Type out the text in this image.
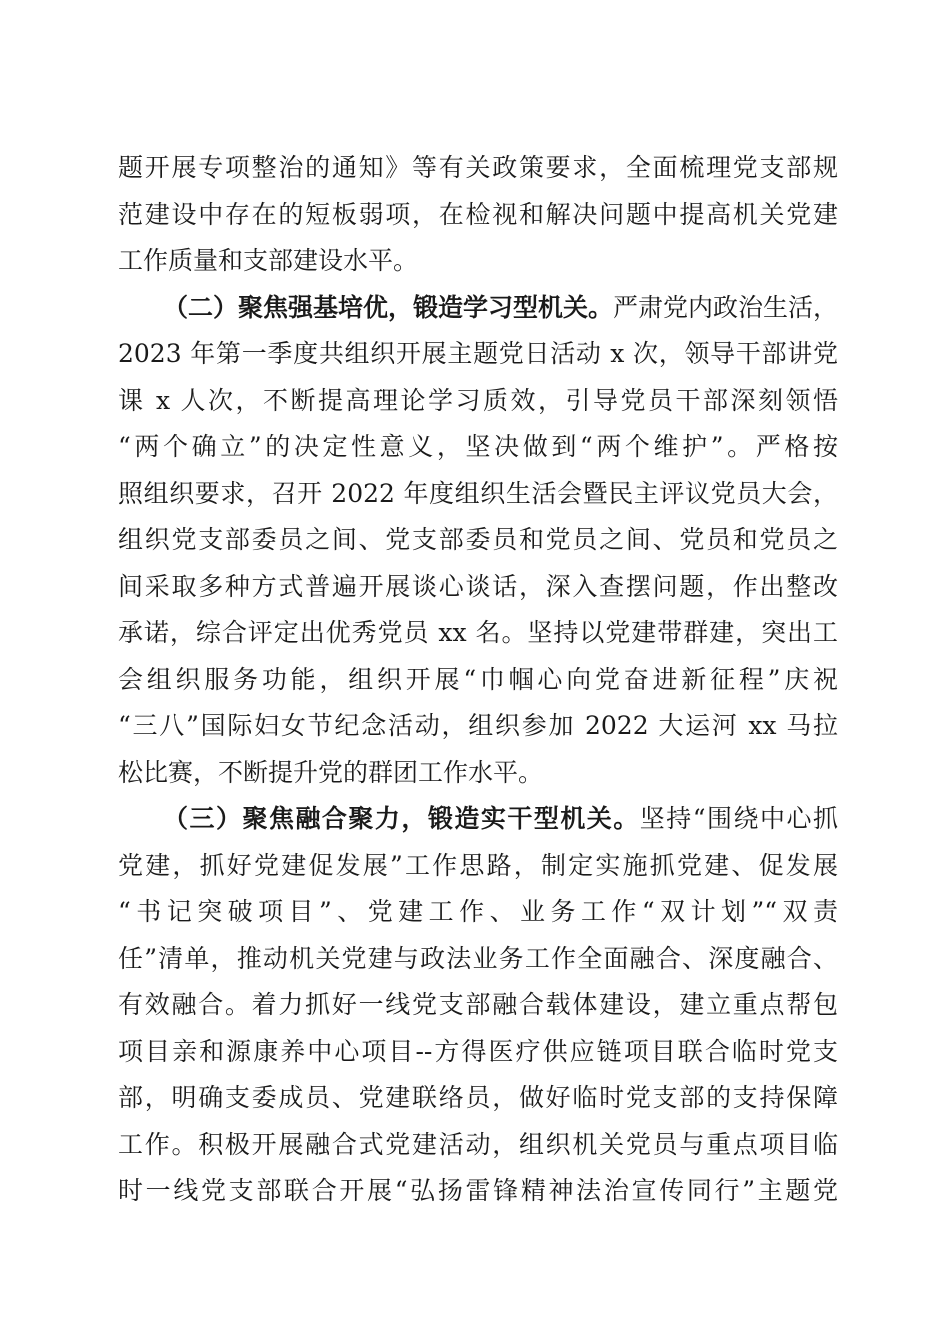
题开展专项整治的通知》等有关政策要求，全面梳理党支部规
范建设中存在的短板弱项，在检视和解决问题中提高机关党建
工作质量和支部建设水平。
（二）聚焦强基培优，锻造学习型机关。严肃党内政治生活，
2023 年第一季度共组织开展主题党日活动 x 次，领导干部讲党
课 x 人次，不断提高理论学习质效，引导党员干部深刻领悟
“两个确立”的决定性意义，坚决做到“两个维护”。严格按
照组织要求，召开 2022 年度组织生活会暨民主评议党员大会，
组织党支部委员之间、党支部委员和党员之间、党员和党员之
间采取多种方式普遍开展谈心谈话，深入查摆问题，作出整改
承诺，综合评定出优秀党员 xx 名。坚持以党建带群建，突出工
会组织服务功能，组织开展“巾帼心向党奋进新征程”庆祝
“三八”国际妇女节纪念活动，组织参加 2022 大运河 xx 马拉
松比赛，不断提升党的群团工作水平。
（三）聚焦融合聚力，锻造实干型机关。坚持“围绕中心抓
党建，抓好党建促发展”工作思路，制定实施抓党建、促发展
“书记突破项目”、党建工作、业务工作“双计划”“双责
任”清单，推动机关党建与政法业务工作全面融合、深度融合、
有效融合。着力抓好一线党支部融合载体建设，建立重点帮包
项目亲和源康养中心项目--方得医疗供应链项目联合临时党支
部，明确支委成员、党建联络员，做好临时党支部的支持保障
工作。积极开展融合式党建活动，组织机关党员与重点项目临
时一线党支部联合开展“弘扬雷锋精神法治宣传同行”主题党
